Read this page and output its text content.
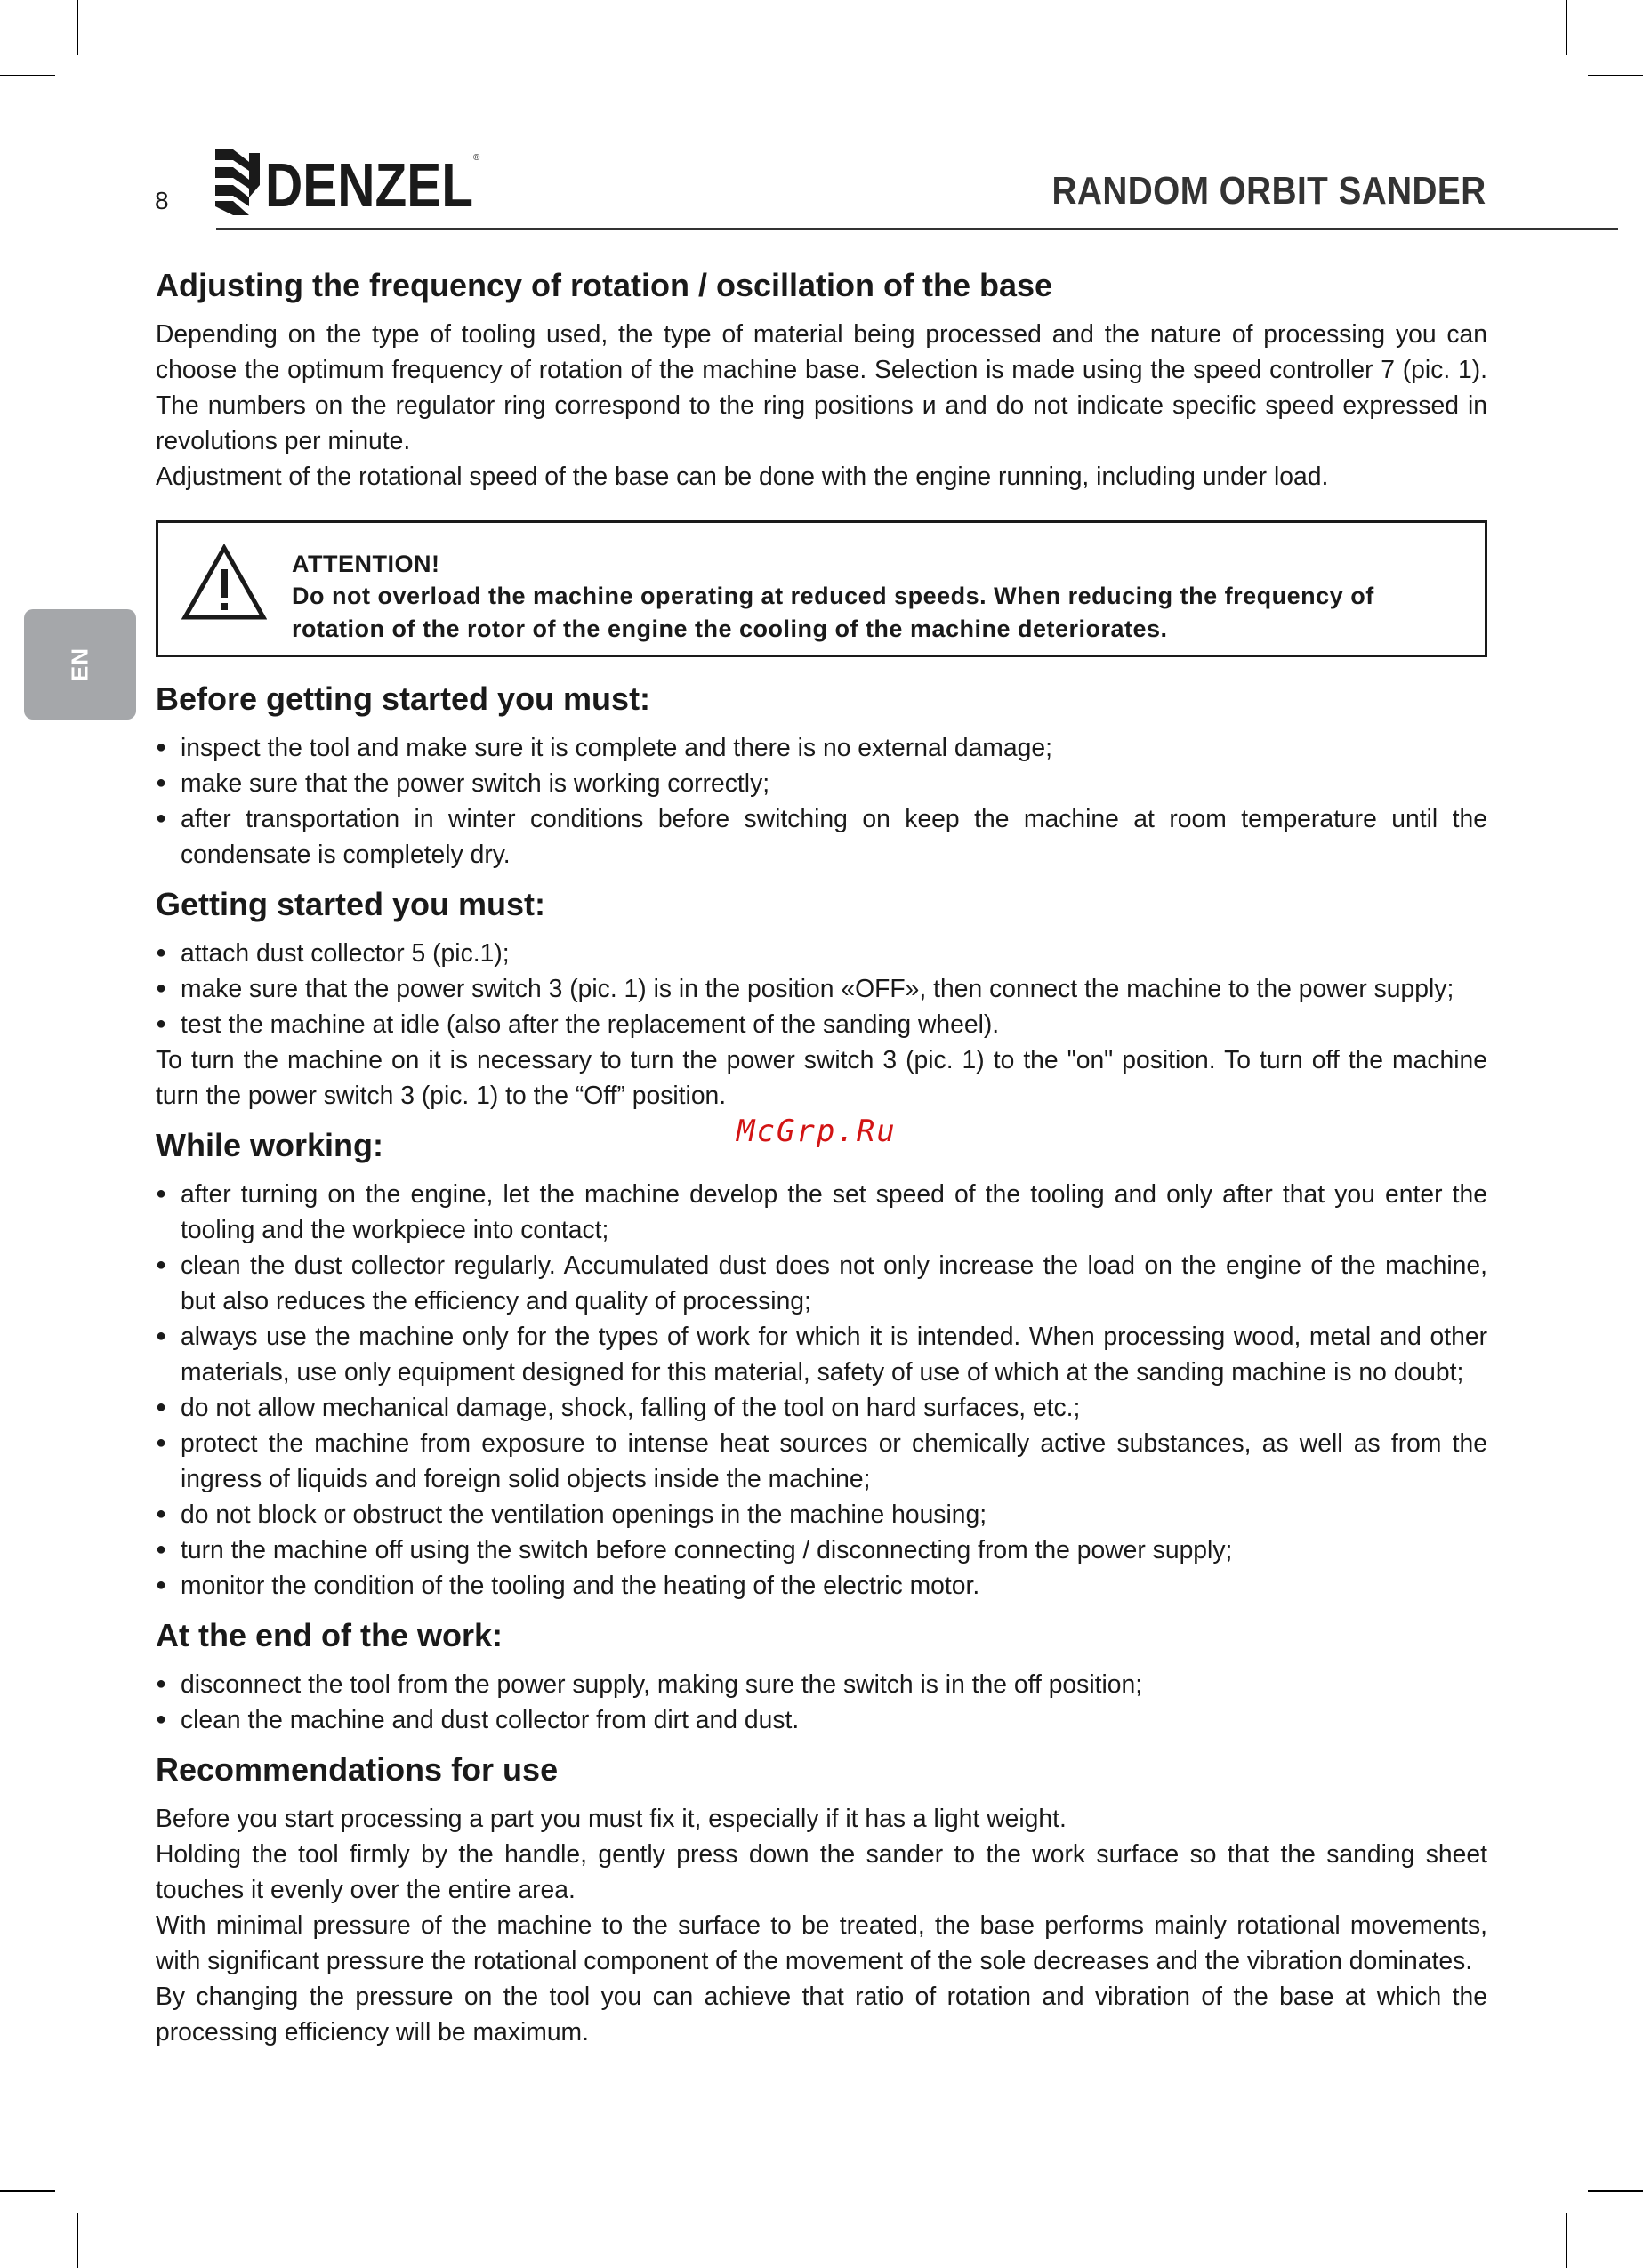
8 DENZEL ®
RANDOM ORBIT SANDER
EN
Adjusting the frequency of rotation / oscillation of the base

Depending on the type of tooling used, the type of material being processed and the nature of processing you can choose the optimum frequency of rotation of the machine base. Selection is made using the speed controller 7 (pic. 1). The numbers on the regulator ring correspond to the ring positions и and do not indicate specific speed expressed in revolutions per minute.

Adjustment of the rotational speed of the base can be done with the engine running, including under load.

ATTENTION!
Do not overload the machine operating at reduced speeds. When reducing the frequency of rotation of the rotor of the engine the cooling of the machine deteriorates.
Before getting started you must:
● inspect the tool and make sure it is complete and there is no external damage;
● make sure that the power switch is working correctly;
● after transportation in winter conditions before switching on keep the machine at room temperature until the condensate is completely dry.
Getting started you must:
● attach dust collector 5 (pic.1);
● make sure that the power switch 3 (pic. 1) is in the position «OFF», then connect the machine to the power supply;
● test the machine at idle (also after the replacement of the sanding wheel).

To turn the machine on it is necessary to turn the power switch 3 (pic. 1) to the "on" position. To turn off the machine turn the power switch 3 (pic. 1) to the “Off” position.

While working:
● after turning on the engine, let the machine develop the set speed of the tooling and only after that you enter the tooling and the workpiece into contact;
● clean the dust collector regularly. Accumulated dust does not only increase the load on the engine of the machine, but also reduces the efficiency and quality of processing;
● always use the machine only for the types of work for which it is intended. When processing wood, metal and other materials, use only equipment designed for this material, safety of use of which at the sanding machine is no doubt;
● do not allow mechanical damage, shock, falling of the tool on hard surfaces, etc.;
● protect the machine from exposure to intense heat sources or chemically active substances, as well as from the ingress of liquids and foreign solid objects inside the machine;
● do not block or obstruct the ventilation openings in the machine housing;
● turn the machine off using the switch before connecting / disconnecting from the power supply;
● monitor the condition of the tooling and the heating of the electric motor.
At the end of the work:
● disconnect the tool from the power supply, making sure the switch is in the off position;
● clean the machine and dust collector from dirt and dust.
Recommendations for use

Before you start processing a part you must fix it, especially if it has a light weight.

Holding the tool firmly by the handle, gently press down the sander to the work surface so that the sanding sheet touches it evenly over the entire area.

With minimal pressure of the machine to the surface to be treated, the base performs mainly rotational movements, with significant pressure the rotational component of the movement of the sole decreases and the vibration dominates.

By changing the pressure on the tool you can achieve that ratio of rotation and vibration of the base at which the processing efficiency will be maximum.

McGrp.Ru
